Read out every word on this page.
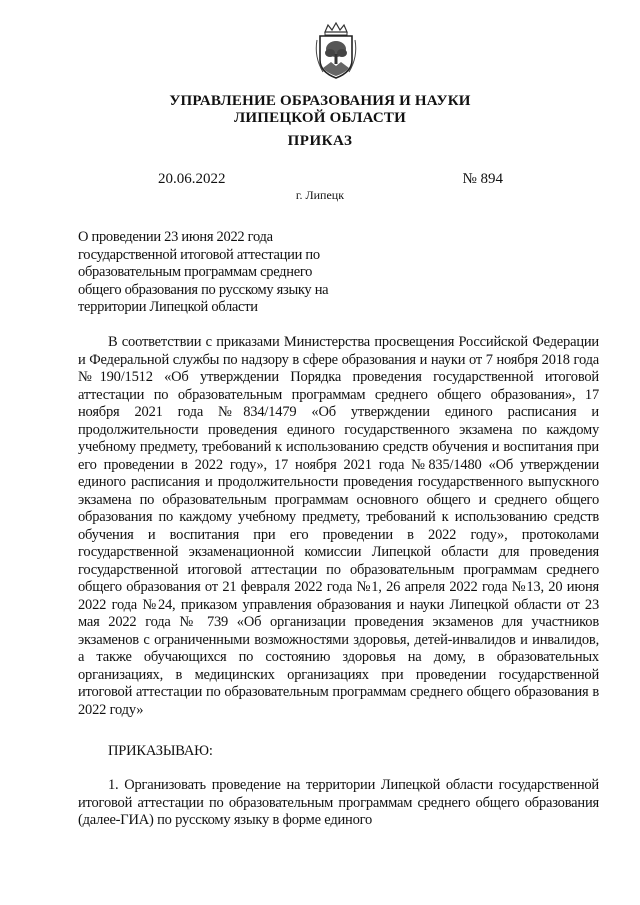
УПРАВЛЕНИЕ ОБРАЗОВАНИЯ И НАУКИ
ЛИПЕЦКОЙ ОБЛАСТИ
ПРИКАЗ
20.06.2022	№ 894
г. Липецк
О проведении 23 июня 2022 года
государственной итоговой аттестации по
образовательным программам среднего
общего образования по русскому языку на
территории Липецкой области
В соответствии с приказами Министерства просвещения Российской Федерации и Федеральной службы по надзору в сфере образования и науки от 7 ноября 2018 года №190/1512 «Об утверждении Порядка проведения государственной итоговой аттестации по образовательным программам среднего общего образования», 17 ноября 2021 года №834/1479 «Об утверждении единого расписания и продолжительности проведения единого государственного экзамена по каждому учебному предмету, требований к использованию средств обучения и воспитания при его проведении в 2022 году», 17 ноября 2021 года №835/1480 «Об утверждении единого расписания и продолжительности проведения государственного выпускного экзамена по образовательным программам основного общего и среднего общего образования по каждому учебному предмету, требований к использованию средств обучения и воспитания при его проведении в 2022 году», протоколами государственной экзаменационной комиссии Липецкой области для проведения государственной итоговой аттестации по образовательным программам среднего общего образования от 21 февраля 2022 года №1, 26 апреля 2022 года №13, 20 июня 2022 года №24, приказом управления образования и науки Липецкой области от 23 мая 2022 года № 739 «Об организации проведения экзаменов для участников экзаменов с ограниченными возможностями здоровья, детей-инвалидов и инвалидов, а также обучающихся по состоянию здоровья на дому, в образовательных организациях, в медицинских организациях при проведении государственной итоговой аттестации по образовательным программам среднего общего образования в 2022 году»
ПРИКАЗЫВАЮ:
1. Организовать проведение на территории Липецкой области государственной итоговой аттестации по образовательным программам среднего общего образования (далее-ГИА) по русскому языку в форме единого
